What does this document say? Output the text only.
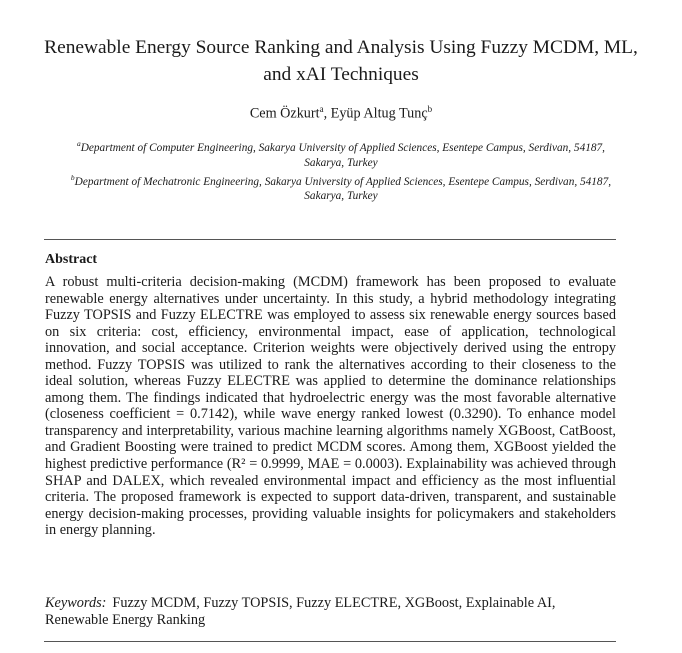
Renewable Energy Source Ranking and Analysis Using Fuzzy MCDM, ML, and xAI Techniques
Cem Özkurt$^a$, Eyüp Altug Tunç$^b$
$^a$Department of Computer Engineering, Sakarya University of Applied Sciences, Esentepe Campus, Serdivan, 54187, Sakarya, Turkey
$^b$Department of Mechatronic Engineering, Sakarya University of Applied Sciences, Esentepe Campus, Serdivan, 54187, Sakarya, Turkey
Abstract

A robust multi-criteria decision-making (MCDM) framework has been proposed to evaluate renewable energy alternatives under uncertainty. In this study, a hybrid methodology integrating Fuzzy TOPSIS and Fuzzy ELECTRE was employed to assess six renewable energy sources based on six criteria: cost, efficiency, environmental impact, ease of application, technological innovation, and social acceptance. Criterion weights were objectively derived using the entropy method. Fuzzy TOPSIS was utilized to rank the alternatives according to their closeness to the ideal solution, whereas Fuzzy ELECTRE was applied to determine the dominance relationships among them. The findings indicated that hydroelectric energy was the most favorable alternative (closeness coefficient = 0.7142), while wave energy ranked lowest (0.3290). To enhance model transparency and interpretability, various machine learning algorithms namely XGBoost, CatBoost, and Gradient Boosting were trained to predict MCDM scores. Among them, XGBoost yielded the highest predictive performance (R² = 0.9999, MAE = 0.0003). Explainability was achieved through SHAP and DALEX, which revealed environmental impact and efficiency as the most influential criteria. The proposed framework is expected to support data-driven, transparent, and sustainable energy decision-making processes, providing valuable insights for policymakers and stakeholders in energy planning.

Keywords: Fuzzy MCDM, Fuzzy TOPSIS, Fuzzy ELECTRE, XGBoost, Explainable AI, Renewable Energy Ranking
